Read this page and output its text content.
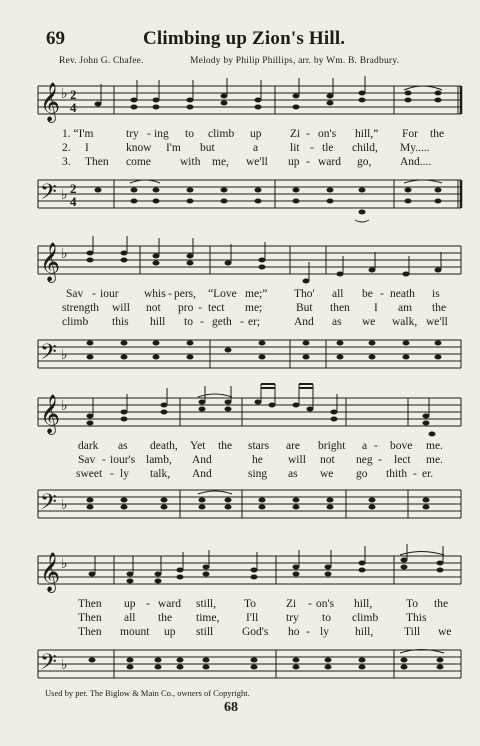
69	Climbing up Zion's Hill.
Rev. John G. Chafee.	Melody by Philip Phillips, arr. by Wm. B. Bradbury.
𝄞 ♭ 2
4
1. “I'm	try - ing to climb up Zi - on's hill,” For the
2. I	know I'm but	a	lit - tle child, My.....
3. Then come	with me, we'll up - ward go, And....
𝄢 ♭ 2
4
𝄞 ♭
Sav - iour whis - pers, “Love me;” Tho' all be - neath is
strength will not pro - tect me;	But then I am the
climb this hill to - geth - er;	And as we walk, we'll
𝄢 ♭
𝄞 ♭
dark as death, Yet the stars are bright a - bove me.
Sav - iour's lamb, And	he will not neg - lect me.
sweet - ly talk, And	sing as we go thith - er.
𝄢 ♭
𝄞 ♭
Then up - ward still, To	Zi - on's hill,	To the
Then all the time, I'll try to climb This
Then mount up still God's ho - ly hill,	Till we
𝄢 ♭
Used by per. The Biglow & Main Co., owners of Copyright.
68
